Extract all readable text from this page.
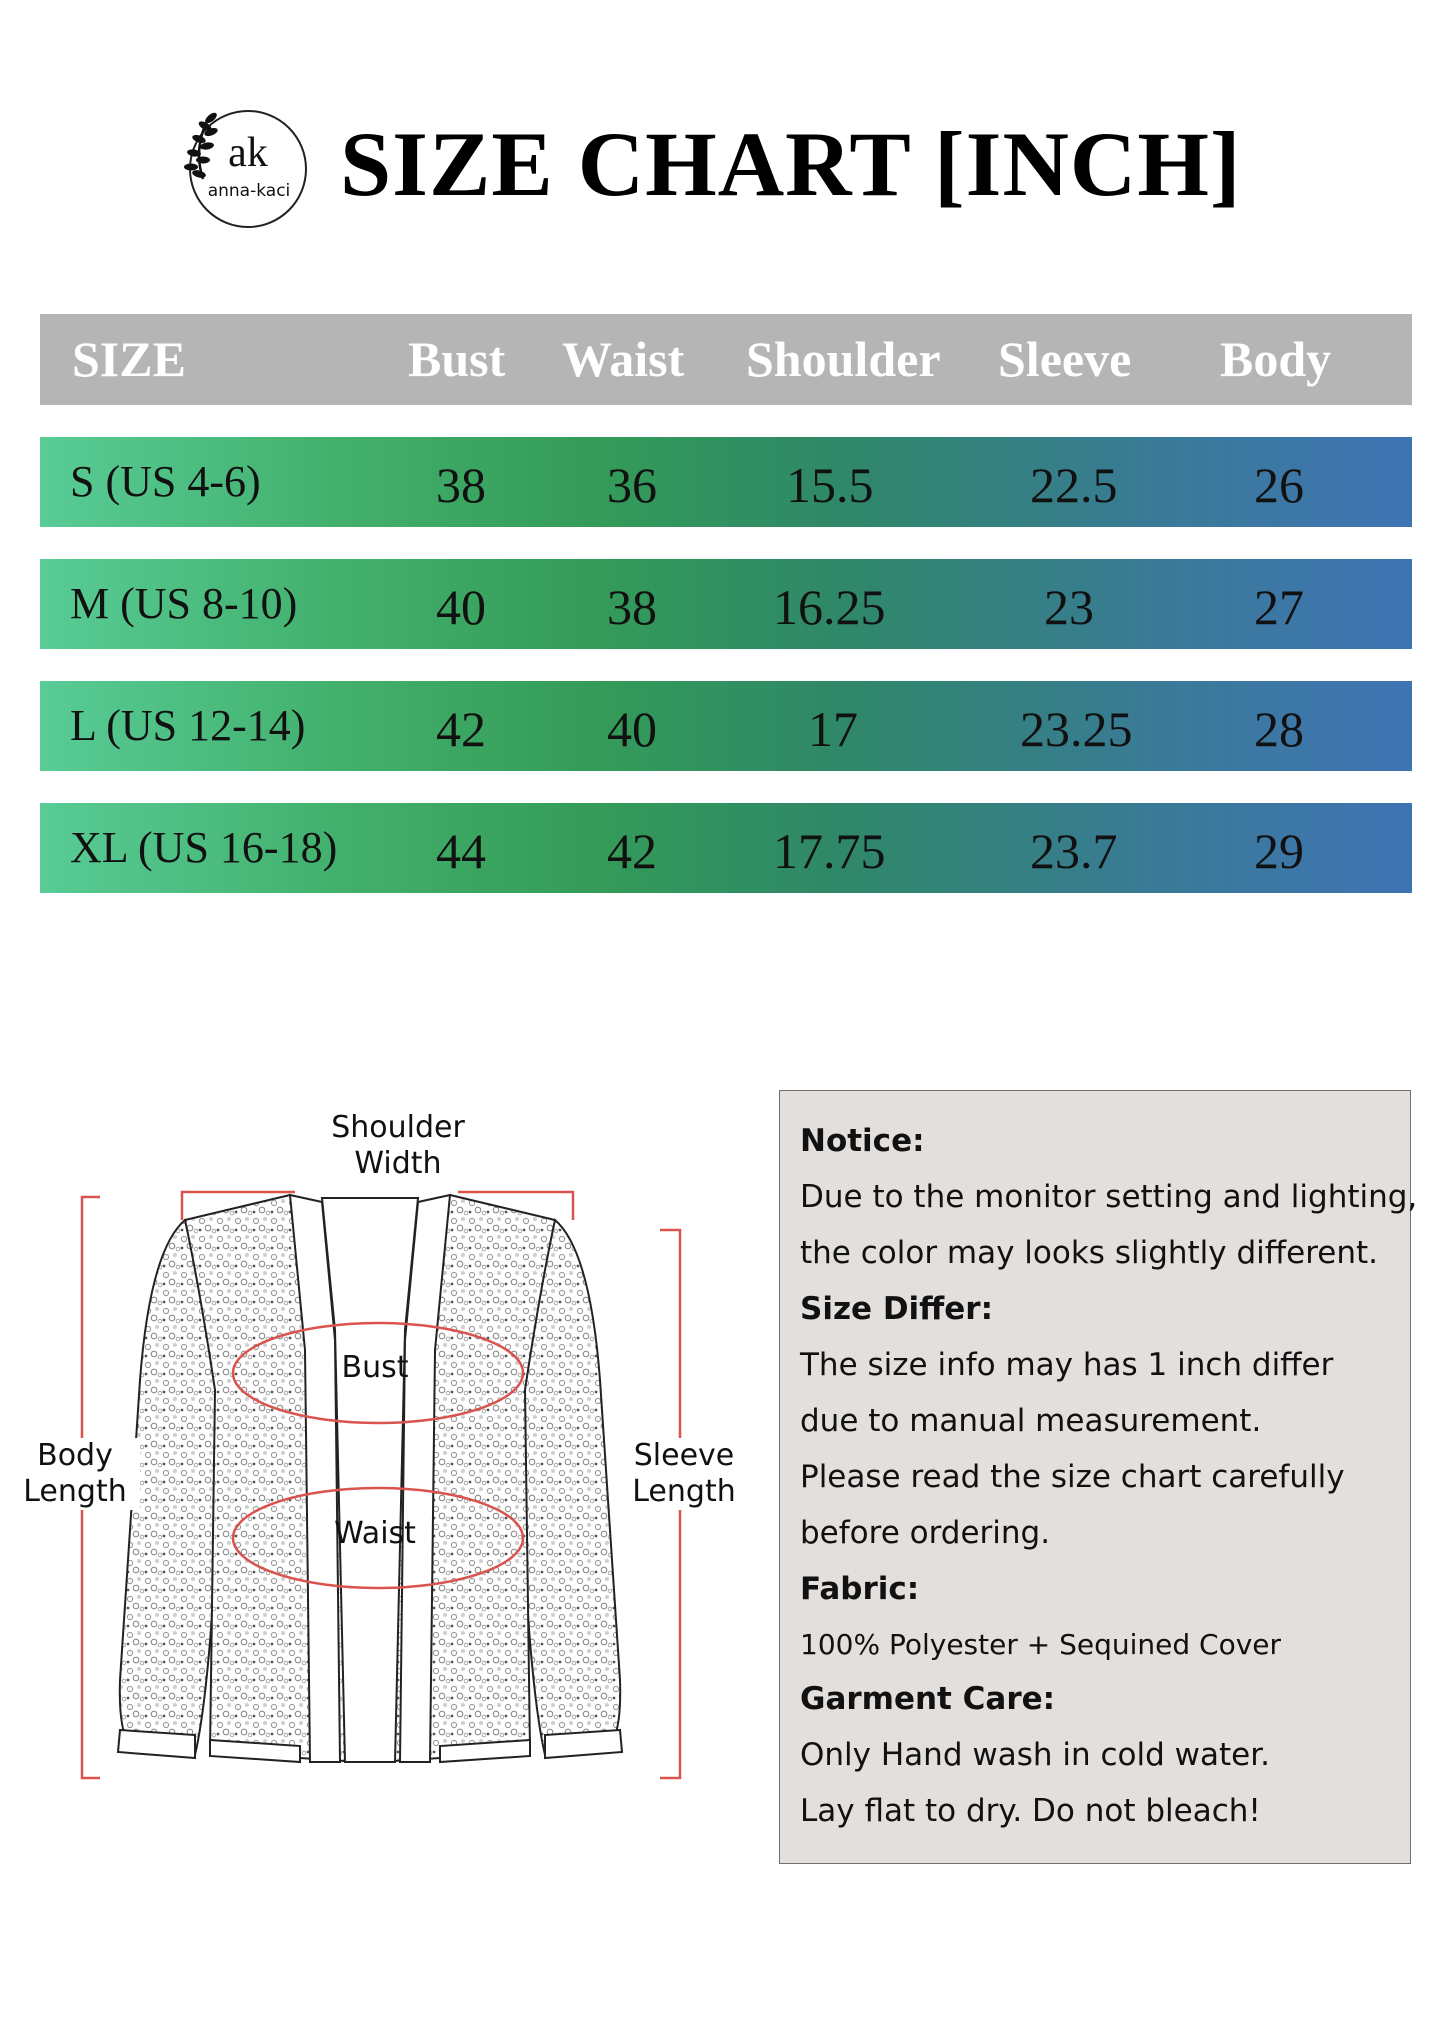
ak
anna-kaci SIZE CHART [INCH]
SIZE	Bust Waist Shoulder Sleeve Body
S (US 4-6)	38 36	15.5	22.5	26
M (US 8-10)	40 38 16.25	23	27
L (US 12-14)	42 40	17	23.25 28
XL (US 16-18) 44 42 17.75	23.7	29
Shoulder
Width
Bust
Waist
Body
Length
Sleeve
Length
Notice:
Due to the monitor setting and lighting,
the color may looks slightly different.
Size Differ:
The size info may has 1 inch differ
due to manual measurement.
Please read the size chart carefully
before ordering.
Fabric:
100% Polyester + Sequined Cover
Garment Care:
Only Hand wash in cold water.
Lay flat to dry. Do not bleach!
